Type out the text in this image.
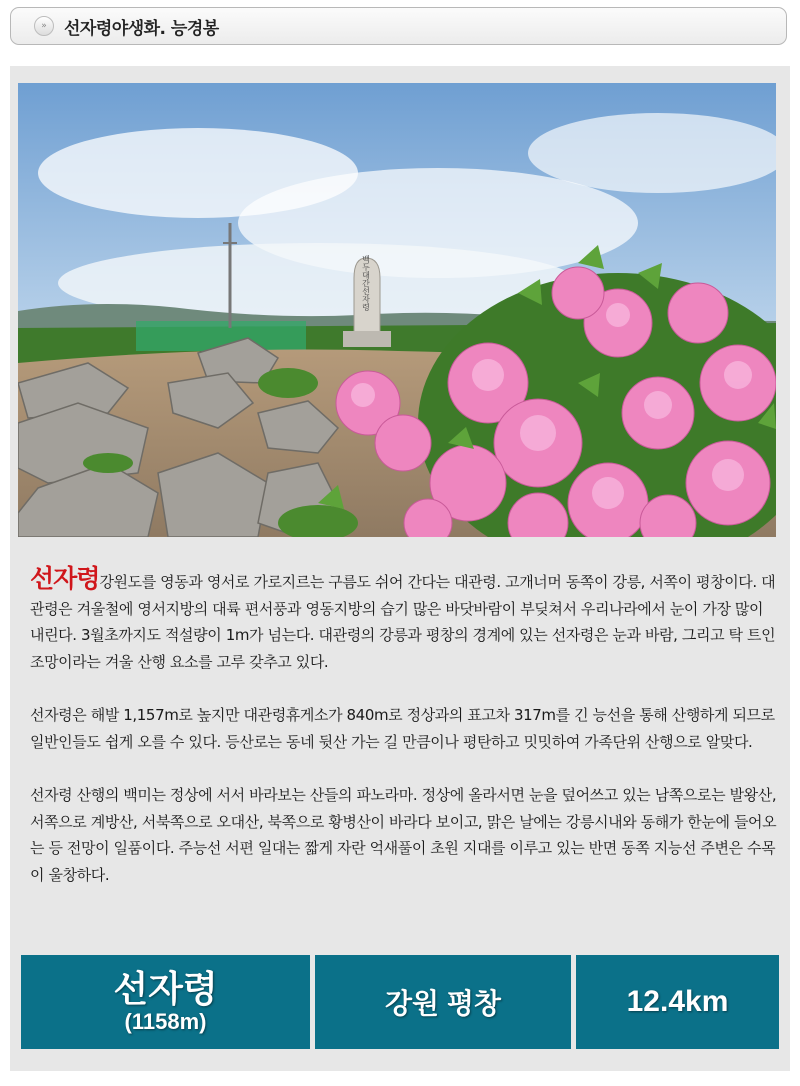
»	선자령야생화. 능경봉
백두대간선자령

선자령강원도를 영동과 영서로 가로지르는 구름도 쉬어 간다는 대관령. 고개너머 동쪽이 강릉, 서쪽이 평창이다. 대관령은 겨울철에 영서지방의 대륙 편서풍과 영동지방의 습기 많은 바닷바람이 부딪쳐서 우리나라에서 눈이 가장 많이 내린다. 3월초까지도 적설량이 1m가 넘는다. 대관령의 강릉과 평창의 경계에 있는 선자령은 눈과 바람, 그리고 탁 트인 조망이라는 겨울 산행 요소를 고루 갖추고 있다.

선자령은 해발 1,157m로 높지만 대관령휴게소가 840m로 정상과의 표고차 317m를 긴 능선을 통해 산행하게 되므로 일반인들도 쉽게 오를 수 있다. 등산로는 동네 뒷산 가는 길 만큼이나 평탄하고 밋밋하여 가족단위 산행으로 알맞다.

선자령 산행의 백미는 정상에 서서 바라보는 산들의 파노라마. 정상에 올라서면 눈을 덮어쓰고 있는 남쪽으로는 발왕산, 서쪽으로 계방산, 서북쪽으로 오대산, 북쪽으로 황병산이 바라다 보이고, 맑은 날에는 강릉시내와 동해가 한눈에 들어오는 등 전망이 일품이다. 주능선 서편 일대는 짧게 자란 억새풀이 초원 지대를 이루고 있는 반면 동쪽 지능선 주변은 수목이 울창하다.

선자령
(1158m)
강원 평창	12.4km
